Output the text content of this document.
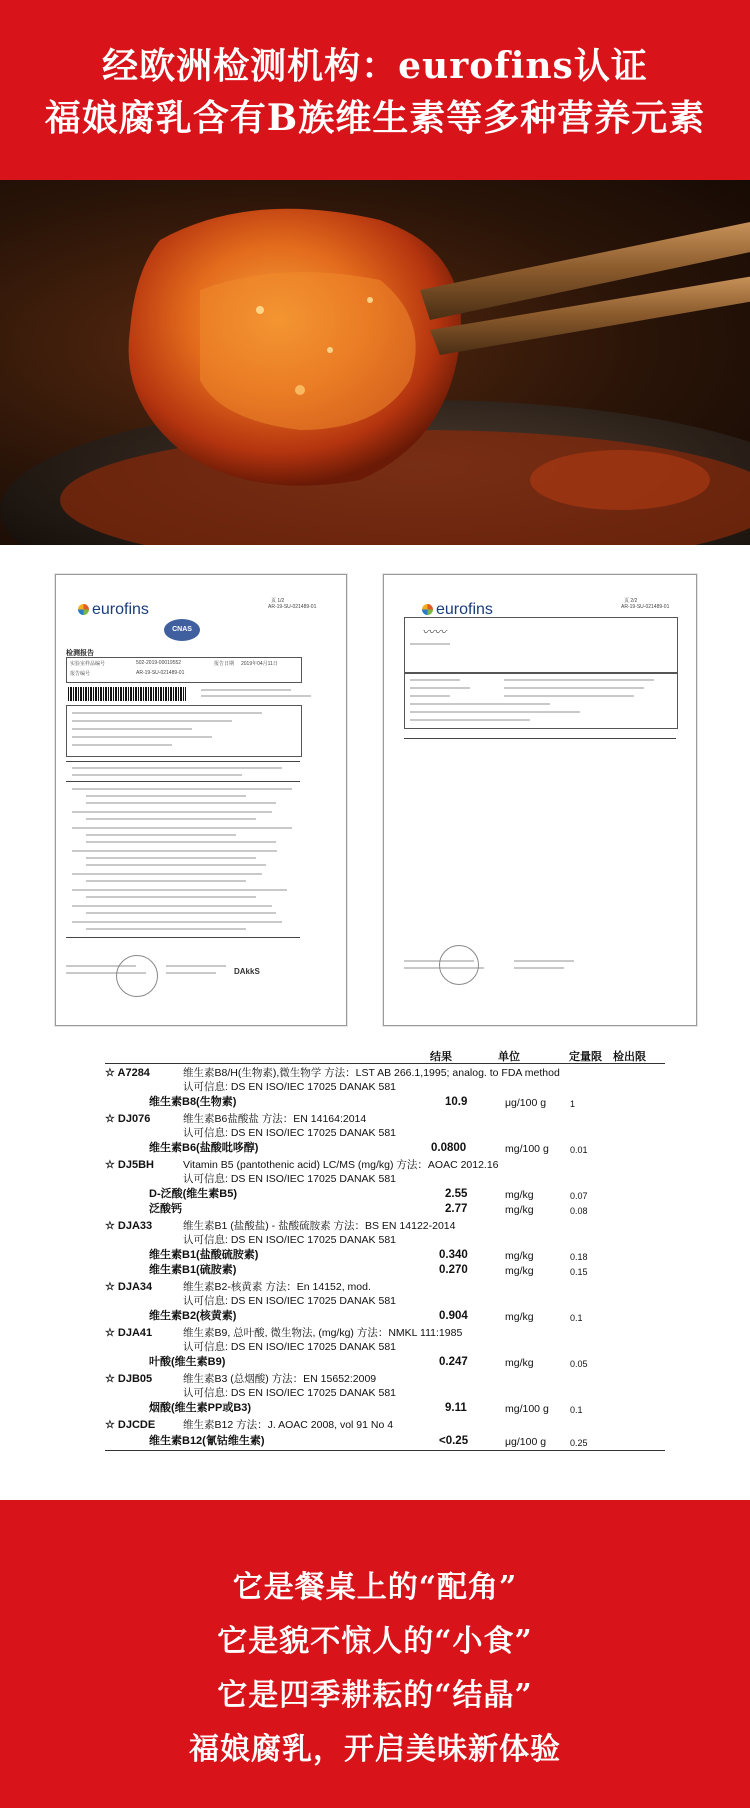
经欧洲检测机构：eurofins认证
福娘腐乳含有B族维生素等多种营养元素
eurofins	页 1/2
AR-19-SU-021489-01
CNAS
检测报告
实验室样品编号	502-2019-00019552	报告日期 2019年04月11日
报告编号	AR-19-SU-021489-01
DAkkS
eurofins	页 2/2
AR-19-SU-021489-01
〰〰
结果	单位	定量限 检出限
☆ A7284	维生素B8/H(生物素),微生物学 方法：LST AB 266.1,1995; analog. to FDA method
认可信息: DS EN ISO/IEC 17025 DANAK 581
维生素B8(生物素)	10.9	μg/100 g	1
☆ DJ076	维生素B6盐酸盐 方法：EN 14164:2014
认可信息: DS EN ISO/IEC 17025 DANAK 581
维生素B6(盐酸吡哆醇)	0.0800	mg/100 g 0.01
☆ DJ5BH	Vitamin B5 (pantothenic acid) LC/MS (mg/kg) 方法：AOAC 2012.16
认可信息: DS EN ISO/IEC 17025 DANAK 581
D-泛酸(维生素B5)	2.55	mg/kg	0.07
泛酸钙	2.77	mg/kg	0.08
☆ DJA33	维生素B1 (盐酸盐) - 盐酸硫胺素 方法：BS EN 14122-2014
认可信息: DS EN ISO/IEC 17025 DANAK 581
维生素B1(盐酸硫胺素)	0.340	mg/kg	0.18
维生素B1(硫胺素)	0.270	mg/kg	0.15
☆ DJA34	维生素B2-核黄素 方法：En 14152, mod.
认可信息: DS EN ISO/IEC 17025 DANAK 581
维生素B2(核黄素)	0.904	mg/kg	0.1
☆ DJA41	维生素B9, 总叶酸, 微生物法, (mg/kg) 方法：NMKL 111:1985
认可信息: DS EN ISO/IEC 17025 DANAK 581
叶酸(维生素B9)	0.247	mg/kg	0.05
☆ DJB05	维生素B3 (总烟酸) 方法：EN 15652:2009
认可信息: DS EN ISO/IEC 17025 DANAK 581
烟酸(维生素PP或B3)	9.11	mg/100 g 0.1
☆ DJCDE	维生素B12 方法：J. AOAC 2008, vol 91 No 4
维生素B12(氰钴维生素)	<0.25	μg/100 g	0.25
它是餐桌上的“配角”
它是貌不惊人的“小食”
它是四季耕耘的“结晶”
福娘腐乳，开启美味新体验
